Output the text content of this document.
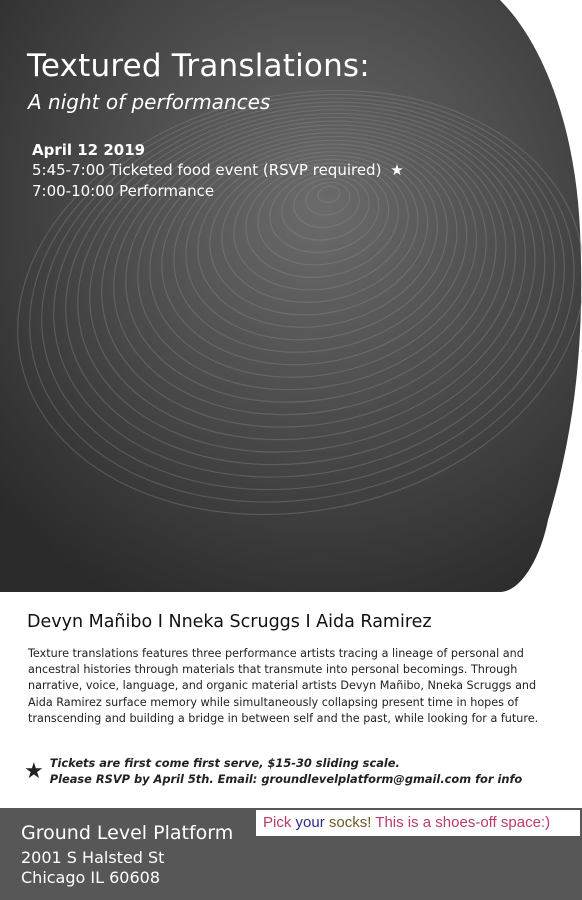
Textured Translations:
A night of performances
April 12 2019
5:45-7:00 Ticketed food event (RSVP required) ★
7:00-10:00 Performance
Devyn Mañibo I Nneka Scruggs I Aida Ramirez

Texture translations features three performance artists tracing a lineage of personal and ancestral histories through materials that transmute into personal becomings. Through narrative, voice, language, and organic material artists Devyn Mañibo, Nneka Scruggs and Aida Ramirez surface memory while simultaneously collapsing present time in hopes of transcending and building a bridge in between self and the past, while looking for a future.

★ Tickets are first come first serve, $15-30 sliding scale.
Please RSVP by April 5th. Email: groundlevelplatform@gmail.com for info
Ground Level Platform
2001 S Halsted St
Chicago IL 60608
Pick your socks! This is a shoes-off space:)
